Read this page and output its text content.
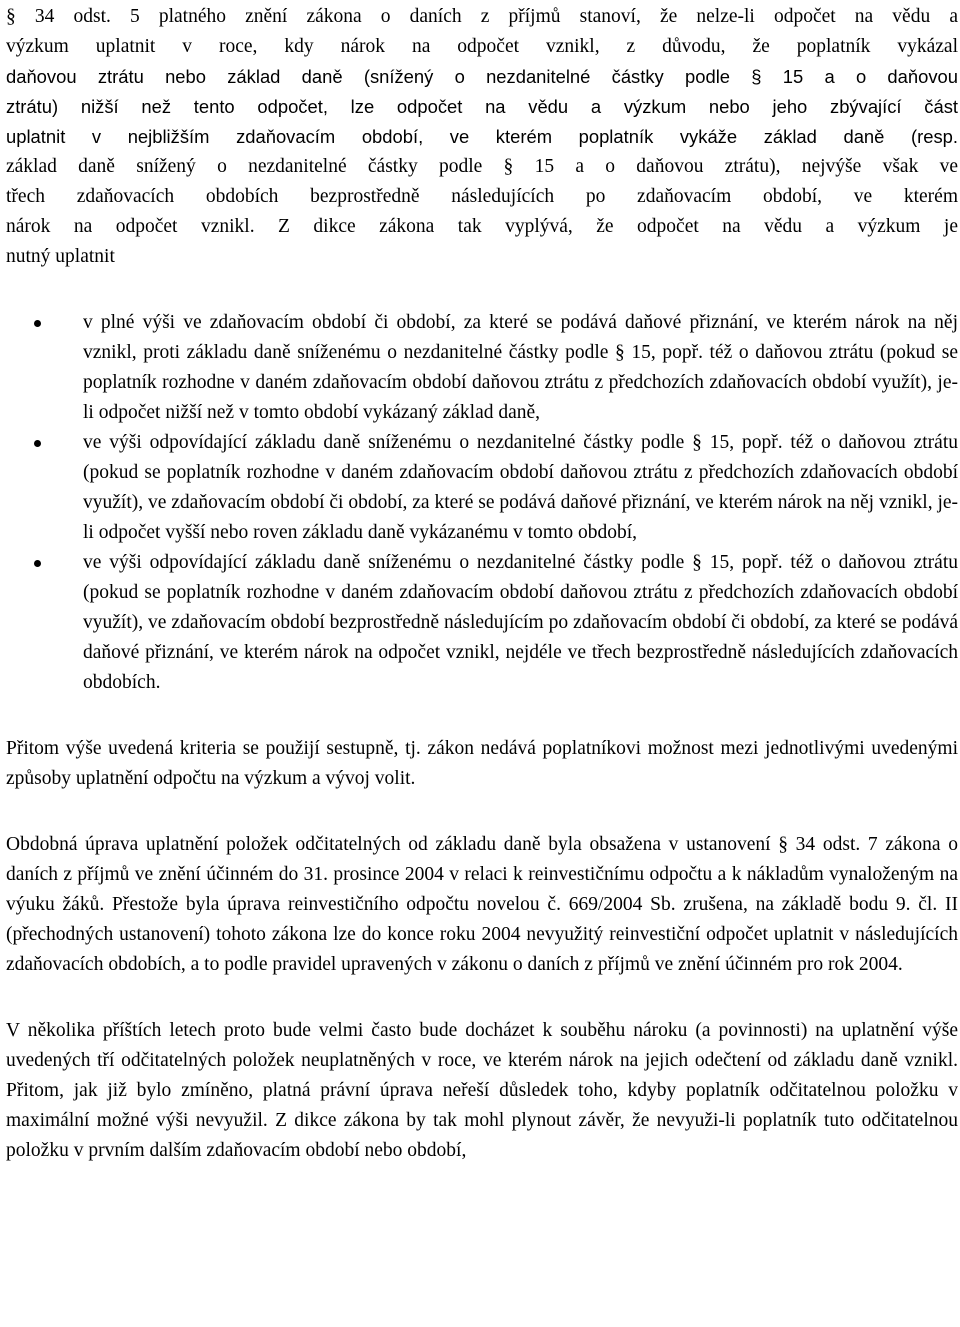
§ 34 odst. 5 platného znění zákona o daních z příjmů stanoví, že nelze-li odpočet na vědu a
výzkum uplatnit v roce, kdy nárok na odpočet vznikl, z důvodu, že poplatník vykázal
daňovou ztrátu nebo základ daně (snížený o nezdanitelné částky podle § 15 a o daňovou
ztrátu) nižší než tento odpočet, lze odpočet na vědu a výzkum nebo jeho zbývající část
uplatnit v nejbližším zdaňovacím období, ve kterém poplatník vykáže základ daně (resp.
základ daně snížený o nezdanitelné částky podle § 15 a o daňovou ztrátu), nejvýše však ve
třech zdaňovacích obdobích bezprostředně následujících po zdaňovacím období, ve kterém
nárok na odpočet vznikl. Z dikce zákona tak vyplývá, že odpočet na vědu a výzkum je
nutný uplatnit

v plné výši ve zdaňovacím období či období, za které se podává daňové přiznání, ve kterém nárok na něj vznikl, proti základu daně sníženému o nezdanitelné částky podle § 15, popř. též o daňovou ztrátu (pokud se poplatník rozhodne v daném zdaňovacím období daňovou ztrátu z předchozích zdaňovacích období využít), je-li odpočet nižší než v tomto období vykázaný základ daně,
ve výši odpovídající základu daně sníženému o nezdanitelné částky podle § 15, popř. též o daňovou ztrátu (pokud se poplatník rozhodne v daném zdaňovacím období daňovou ztrátu z předchozích zdaňovacích období využít), ve zdaňovacím období či období, za které se podává daňové přiznání, ve kterém nárok na něj vznikl, je-li odpočet vyšší nebo roven základu daně vykázanému v tomto období,
ve výši odpovídající základu daně sníženému o nezdanitelné částky podle § 15, popř. též o daňovou ztrátu (pokud se poplatník rozhodne v daném zdaňovacím období daňovou ztrátu z předchozích zdaňovacích období využít), ve zdaňovacím období bezprostředně následujícím po zdaňovacím období či období, za které se podává daňové přiznání, ve kterém nárok na odpočet vznikl, nejdéle ve třech bezprostředně následujících zdaňovacích obdobích.

Přitom výše uvedená kriteria se použijí sestupně, tj. zákon nedává poplatníkovi možnost mezi jednotlivými uvedenými způsoby uplatnění odpočtu na výzkum a vývoj volit.

Obdobná úprava uplatnění položek odčitatelných od základu daně byla obsažena v ustanovení § 34 odst. 7 zákona o daních z příjmů ve znění účinném do 31. prosince 2004 v relaci k reinvestičnímu odpočtu a k nákladům vynaloženým na výuku žáků. Přestože byla úprava reinvestičního odpočtu novelou č. 669/2004 Sb. zrušena, na základě bodu 9. čl. II (přechodných ustanovení) tohoto zákona lze do konce roku 2004 nevyužitý reinvestiční odpočet uplatnit v následujících zdaňovacích obdobích, a to podle pravidel upravených v zákonu o daních z příjmů ve znění účinném pro rok 2004.

V několika příštích letech proto bude velmi často bude docházet k souběhu nároku (a povinnosti) na uplatnění výše uvedených tří odčitatelných položek neuplatněných v roce, ve kterém nárok na jejich odečtení od základu daně vznikl. Přitom, jak již bylo zmíněno, platná právní úprava neřeší důsledek toho, kdyby poplatník odčitatelnou položku v maximální možné výši nevyužil. Z dikce zákona by tak mohl plynout závěr, že nevyuži-li poplatník tuto odčitatelnou položku v prvním dalším zdaňovacím období nebo období,
